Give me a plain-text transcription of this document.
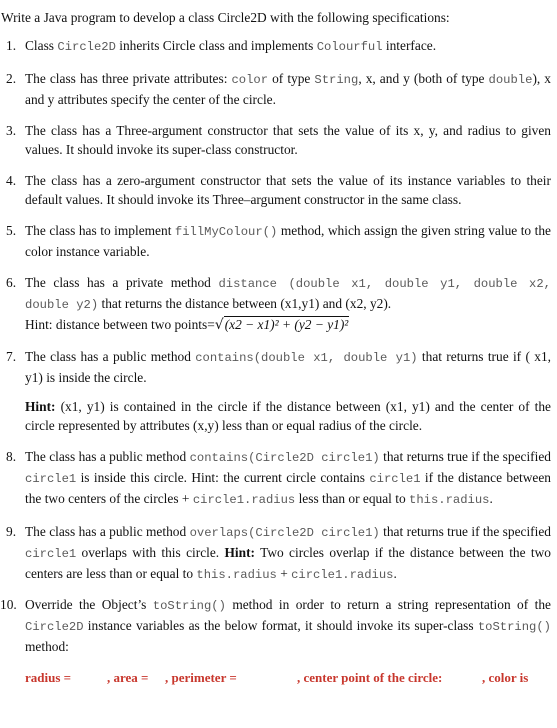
Write a Java program to develop a class Circle2D with the following specifications:
1. Class Circle2D inherits Circle class and implements Colourful interface.
2. The class has three private attributes: color of type String, x, and y (both of type double), x and y attributes specify the center of the circle.
3. The class has a Three-argument constructor that sets the value of its x, y, and radius to given values. It should invoke its super-class constructor.
4. The class has a zero-argument constructor that sets the value of its instance variables to their default values. It should invoke its Three–argument constructor in the same class.
5. The class has to implement fillMyColour() method, which assign the given string value to the color instance variable.
6. The class has a private method distance (double x1, double y1, double x2, double y2) that returns the distance between (x1,y1) and (x2, y2).
Hint: distance between two points=√(x2 − x1)² + (y2 − y1)²
7. The class has a public method contains(double x1, double y1) that returns true if ( x1, y1) is inside the circle.
Hint: (x1, y1) is contained in the circle if the distance between (x1, y1) and the center of the circle represented by attributes (x,y) less than or equal radius of the circle.
8. The class has a public method contains(Circle2D circle1) that returns true if the specified circle1 is inside this circle. Hint: the current circle contains circle1 if the distance between the two centers of the circles + circle1.radius less than or equal to this.radius.
9. The class has a public method overlaps(Circle2D circle1) that returns true if the specified circle1 overlaps with this circle. Hint: Two circles overlap if the distance between the two centers are less than or equal to this.radius + circle1.radius.
10. Override the Object’s toString() method in order to return a string representation of the Circle2D instance variables as the below format, it should invoke its super-class toString() method:
radius =	, area = , perimeter =	, center point of the circle:	, color is
